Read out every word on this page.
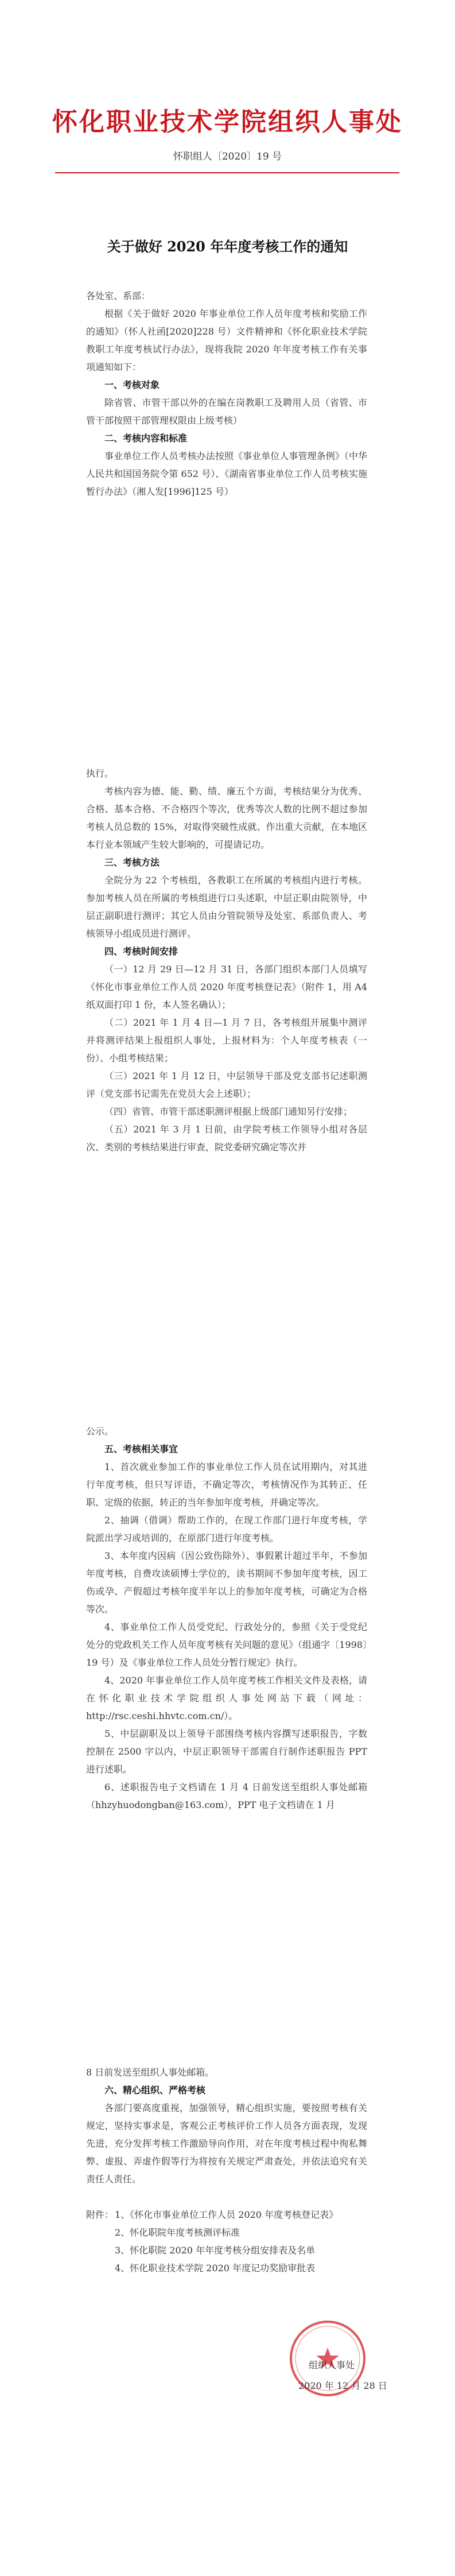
怀化职业技术学院组织人事处
怀职组人〔2020〕19 号
关于做好 2020 年年度考核工作的通知

各处室、系部：

根据《关于做好 2020 年事业单位工作人员年度考核和奖励工作的通知》（怀人社函[2020]228 号）文件精神和《怀化职业技术学院教职工年度考核试行办法》，现将我院 2020 年年度考核工作有关事项通知如下：

一、考核对象

除省管、市管干部以外的在编在岗教职工及聘用人员（省管、市管干部按照干部管理权限由上级考核）

二、考核内容和标准

事业单位工作人员考核办法按照《事业单位人事管理条例》（中华人民共和国国务院令第 652 号）、《湖南省事业单位工作人员考核实施暂行办法》（湘人发[1996]125 号）

执行。

考核内容为德、能、勤、绩、廉五个方面，考核结果分为优秀、合格、基本合格、不合格四个等次，优秀等次人数的比例不超过参加考核人员总数的 15%，对取得突破性成就、作出重大贡献，在本地区本行业本领域产生较大影响的，可提请记功。

三、考核方法

全院分为 22 个考核组，各教职工在所属的考核组内进行考核。参加考核人员在所属的考核组进行口头述职，中层正职由院领导，中层正副职进行测评；其它人员由分管院领导及处室、系部负责人、考核领导小组成员进行测评。

四、考核时间安排

（一）12 月 29 日—12 月 31 日，各部门组织本部门人员填写《怀化市事业单位工作人员 2020 年度考核登记表》（附件 1，用 A4 纸双面打印 1 份，本人签名确认）；

（二）2021 年 1 月 4 日—1 月 7 日，各考核组开展集中测评并将测评结果上报组织人事处，上报材料为：个人年度考核表（一份）、小组考核结果；

（三）2021 年 1 月 12 日，中层领导干部及党支部书记述职测评（党支部书记需先在党员大会上述职）；

（四）省管、市管干部述职测评根据上级部门通知另行安排；

（五）2021 年 3 月 1 日前，由学院考核工作领导小组对各层次、类别的考核结果进行审查，院党委研究确定等次并

公示。

五、考核相关事宜

1、首次就业参加工作的事业单位工作人员在试用期内，对其进行年度考核，但只写评语，不确定等次，考核情况作为其转正、任职、定级的依据，转正的当年参加年度考核，并确定等次。

2、抽调（借调）帮助工作的，在现工作部门进行年度考核，学院派出学习或培训的，在原部门进行年度考核。

3、本年度内因病（因公致伤除外）、事假累计超过半年，不参加年度考核，自费攻读硕博士学位的，读书期间不参加年度考核，因工伤或孕、产假超过考核年度半年以上的参加年度考核，可确定为合格等次。

4、事业单位工作人员受党纪、行政处分的，参照《关于受党纪处分的党政机关工作人员年度考核有关问题的意见》（组通字〔1998〕19 号）及《事业单位工作人员处分暂行规定》执行。

4、2020 年事业单位工作人员年度考核工作相关文件及表格，请在怀化职业技术学院组织人事处网站下载（网址：http://rsc.ceshi.hhvtc.com.cn/）。

5、中层副职及以上领导干部围绕考核内容撰写述职报告，字数控制在 2500 字以内，中层正职领导干部需自行制作述职报告 PPT 进行述职。

6、述职报告电子文档请在 1 月 4 日前发送至组织人事处邮箱（hhzyhuodongban@163.com），PPT 电子文档请在 1 月

8 日前发送至组织人事处邮箱。

六、精心组织、严格考核

各部门要高度重视，加强领导，精心组织实施，要按照考核有关规定，坚持实事求是，客观公正考核评价工作人员各方面表现，发现先进，充分发挥考核工作激励导向作用，对在年度考核过程中徇私舞弊、虚报、弄虚作假等行为将按有关规定严肃查处，并依法追究有关责任人责任。

附件： 1、《怀化市事业单位工作人员 2020 年度考核登记表》
2、怀化职院年度考核测评标准
3、怀化职院 2020 年年度考核分组安排表及名单
4、怀化职业技术学院 2020 年度记功奖励审批表
组织人事处
2020 年 12 月 28 日
